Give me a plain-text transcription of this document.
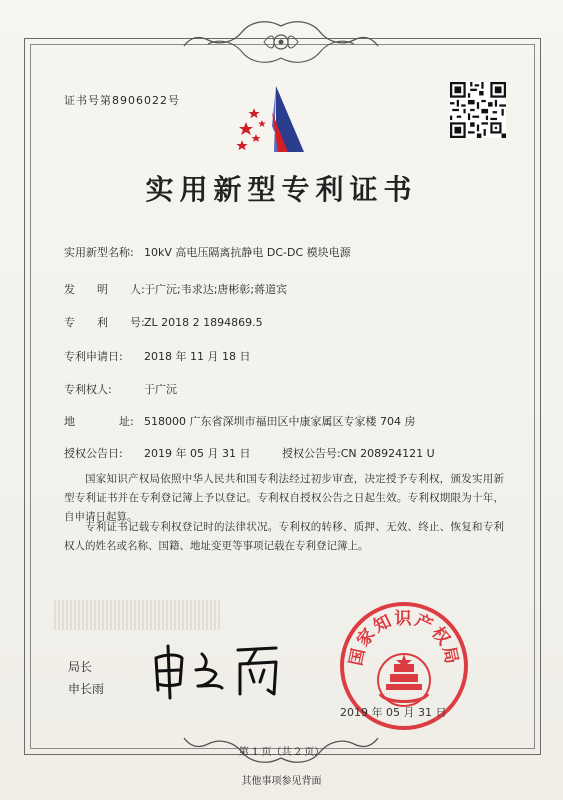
证书号第8906022号
实用新型专利证书
实用新型名称: 10kV 高电压隔离抗静电 DC-DC 模块电源
发　　明　　人:于广沅;韦求达;唐彬彰;蒋道宾
专　　利　　号:ZL 2018 2 1894869.5
专利申请日: 2018 年 11 月 18 日
专利权人:	于广沅
地　　　　址: 518000 广东省深圳市福田区中康家属区专家楼 704 房
授权公告日: 2019 年 05 月 31 日	授权公告号:CN 208924121 U
国家知识产权局依照中华人民共和国专利法经过初步审查，决定授予专利权，颁发实用新型专利证书并在专利登记簿上予以登记。专利权自授权公告之日起生效。专利权期限为十年，自申请日起算。
专利证书记载专利权登记时的法律状况。专利权的转移、质押、无效、终止、恢复和专利权人的姓名或名称、国籍、地址变更等事项记载在专利登记簿上。
局长
申长雨
国家知识产权局
2019 年 05 月 31 日
第 1 页（共 2 页）
其他事项参见背面
